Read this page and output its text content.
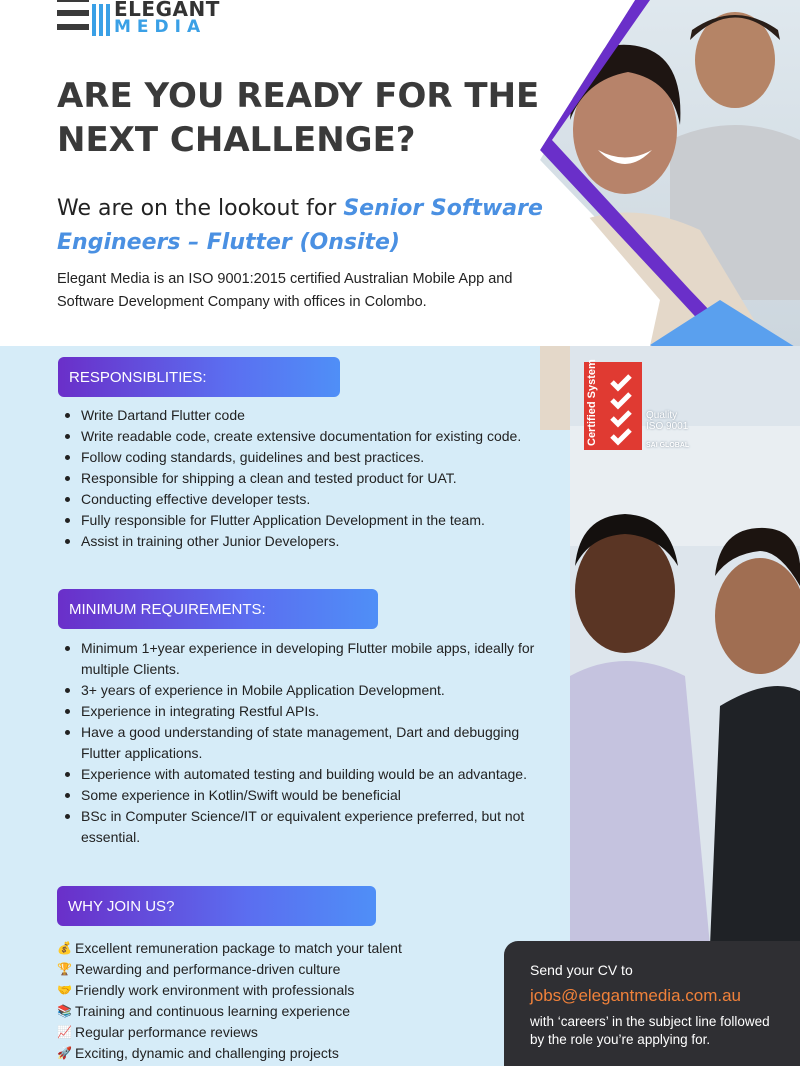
Certified System	Quality
ISO 9001
SAI GLOBAL
ELEGANT
MEDIA
ARE YOU READY FOR THE NEXT CHALLENGE?
We are on the lookout for Senior Software Engineers – Flutter (Onsite)
Elegant Media is an ISO 9001:2015 certified Australian Mobile App and Software Development Company with offices in Colombo.
RESPONSIBLITIES:
Write Dartand Flutter code
Write readable code, create extensive documentation for existing code.
Follow coding standards, guidelines and best practices.
Responsible for shipping a clean and tested product for UAT.
Conducting effective developer tests.
Fully responsible for Flutter Application Development in the team.
Assist in training other Junior Developers.
MINIMUM REQUIREMENTS:
Minimum 1+year experience in developing Flutter mobile apps, ideally for multiple Clients.
3+ years of experience in Mobile Application Development.
Experience in integrating Restful APIs.
Have a good understanding of state management, Dart and debugging Flutter applications.
Experience with automated testing and building would be an advantage.
Some experience in Kotlin/Swift would be beneficial
BSc in Computer Science/IT or equivalent experience preferred, but not essential.
WHY JOIN US?
💰 Excellent remuneration package to match your talent
🏆 Rewarding and performance-driven culture
🤝 Friendly work environment with professionals
📚 Training and continuous learning experience
📈 Regular performance reviews
🚀 Exciting, dynamic and challenging projects
Send your CV to
jobs@elegantmedia.com.au
with ‘careers’ in the subject line followed by the role you’re applying for.
